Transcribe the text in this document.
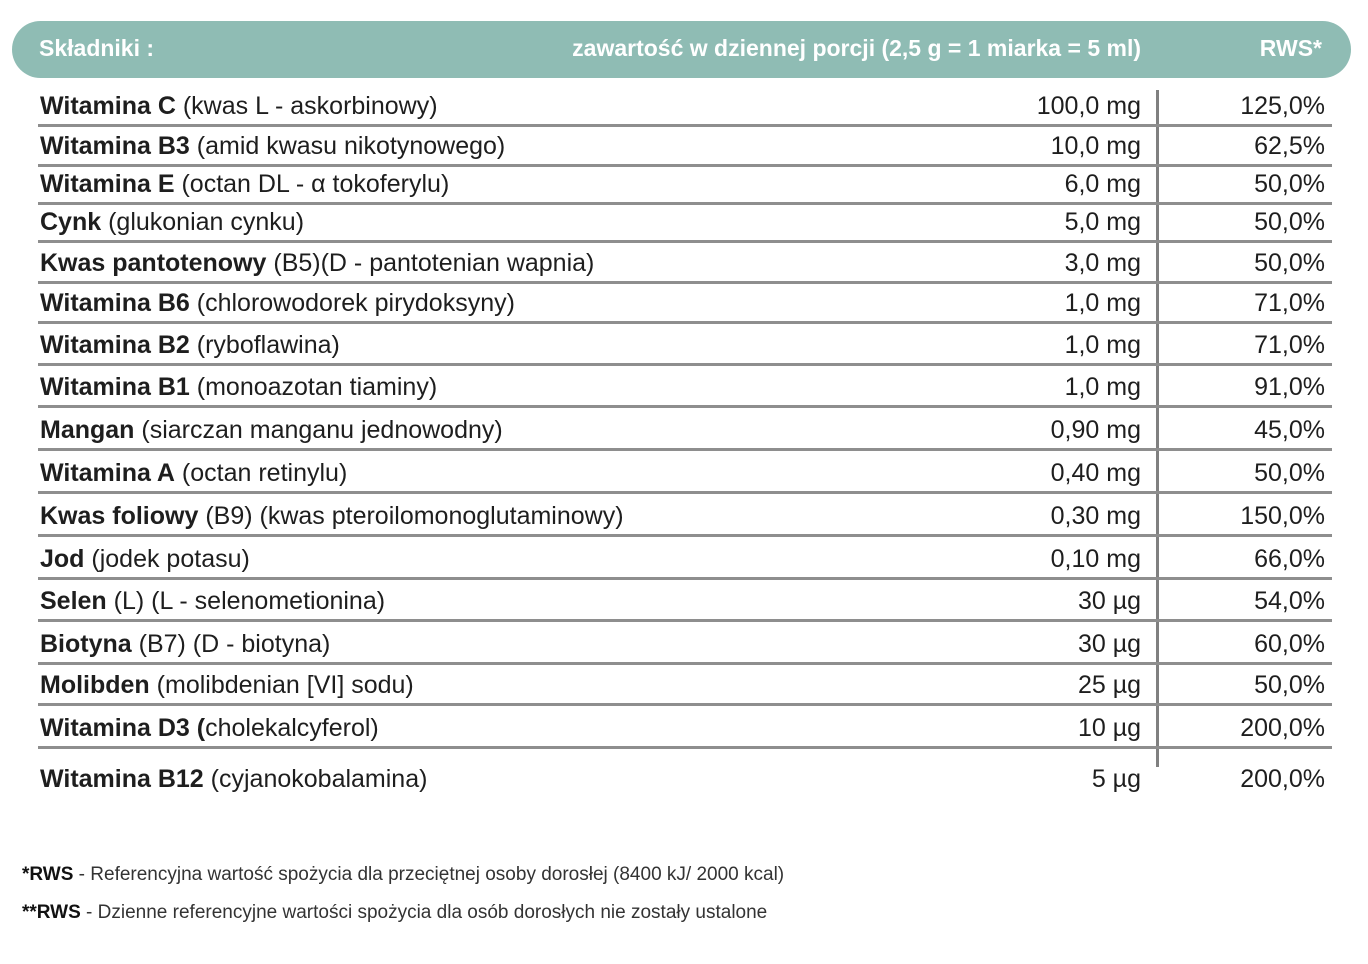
Składniki :	zawartość w dziennej porcji (2,5 g = 1 miarka = 5 ml)	RWS*
Witamina C (kwas L - askorbinowy)	100,0 mg	125,0%
Witamina B3 (amid kwasu nikotynowego)	10,0 mg	62,5%
Witamina E (octan DL - α tokoferylu)	6,0 mg	50,0%
Cynk (glukonian cynku)	5,0 mg	50,0%
Kwas pantotenowy (B5)(D - pantotenian wapnia)	3,0 mg	50,0%
Witamina B6 (chlorowodorek pirydoksyny)	1,0 mg	71,0%
Witamina B2 (ryboflawina)	1,0 mg	71,0%
Witamina B1 (monoazotan tiaminy)	1,0 mg	91,0%
Mangan (siarczan manganu jednowodny)	0,90 mg	45,0%
Witamina A (octan retinylu)	0,40 mg	50,0%
Kwas foliowy (B9) (kwas pteroilomonoglutaminowy)	0,30 mg	150,0%
Jod (jodek potasu)	0,10 mg	66,0%
Selen (L) (L - selenometionina)	30 µg	54,0%
Biotyna (B7) (D - biotyna)	30 µg	60,0%
Molibden (molibdenian [VI] sodu)	25 µg	50,0%
Witamina D3 (cholekalcyferol)	10 µg	200,0%
Witamina B12 (cyjanokobalamina)	5 µg	200,0%
*RWS - Referencyjna wartość spożycia dla przeciętnej osoby dorosłej (8400 kJ/ 2000 kcal)
**RWS - Dzienne referencyjne wartości spożycia dla osób dorosłych nie zostały ustalone
